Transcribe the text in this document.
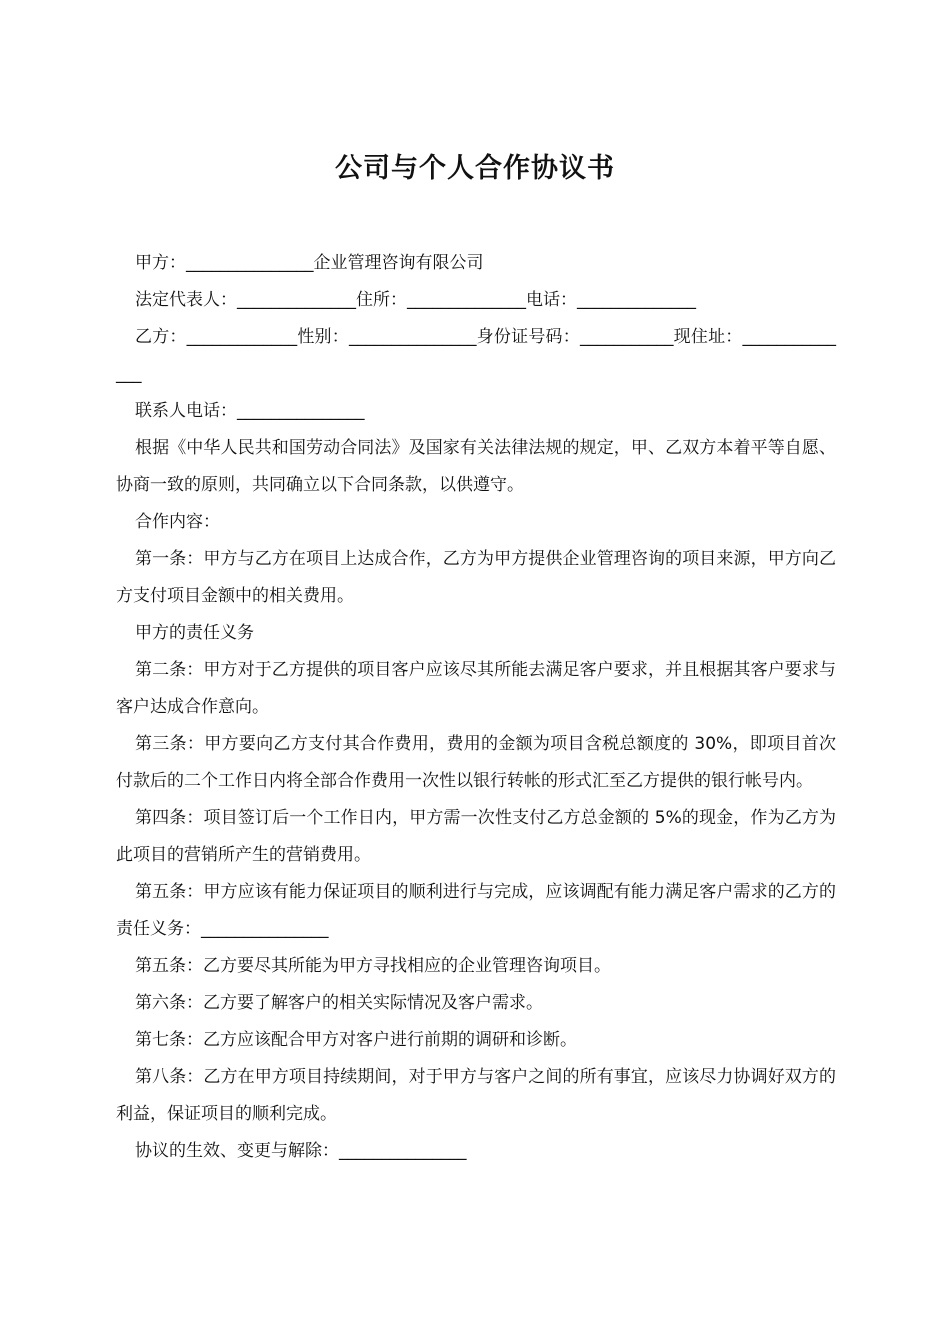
公司与个人合作协议书

甲方：_______________企业管理咨询有限公司

法定代表人：______________住所：______________电话：______________

乙方：_____________性别：_______________身份证号码：___________现住址：______________

联系人电话：_______________

根据《中华人民共和国劳动合同法》及国家有关法律法规的规定，甲、乙双方本着平等自愿、协商一致的原则，共同确立以下合同条款，以供遵守。

合作内容：

第一条：甲方与乙方在项目上达成合作，乙方为甲方提供企业管理咨询的项目来源，甲方向乙方支付项目金额中的相关费用。

甲方的责任义务

第二条：甲方对于乙方提供的项目客户应该尽其所能去满足客户要求，并且根据其客户要求与客户达成合作意向。

第三条：甲方要向乙方支付其合作费用，费用的金额为项目含税总额度的 30%，即项目首次付款后的二个工作日内将全部合作费用一次性以银行转帐的形式汇至乙方提供的银行帐号内。

第四条：项目签订后一个工作日内，甲方需一次性支付乙方总金额的 5%的现金，作为乙方为此项目的营销所产生的营销费用。

第五条：甲方应该有能力保证项目的顺利进行与完成，应该调配有能力满足客户需求的乙方的责任义务：_______________

第五条：乙方要尽其所能为甲方寻找相应的企业管理咨询项目。

第六条：乙方要了解客户的相关实际情况及客户需求。

第七条：乙方应该配合甲方对客户进行前期的调研和诊断。

第八条：乙方在甲方项目持续期间，对于甲方与客户之间的所有事宜，应该尽力协调好双方的利益，保证项目的顺利完成。

协议的生效、变更与解除：_______________
